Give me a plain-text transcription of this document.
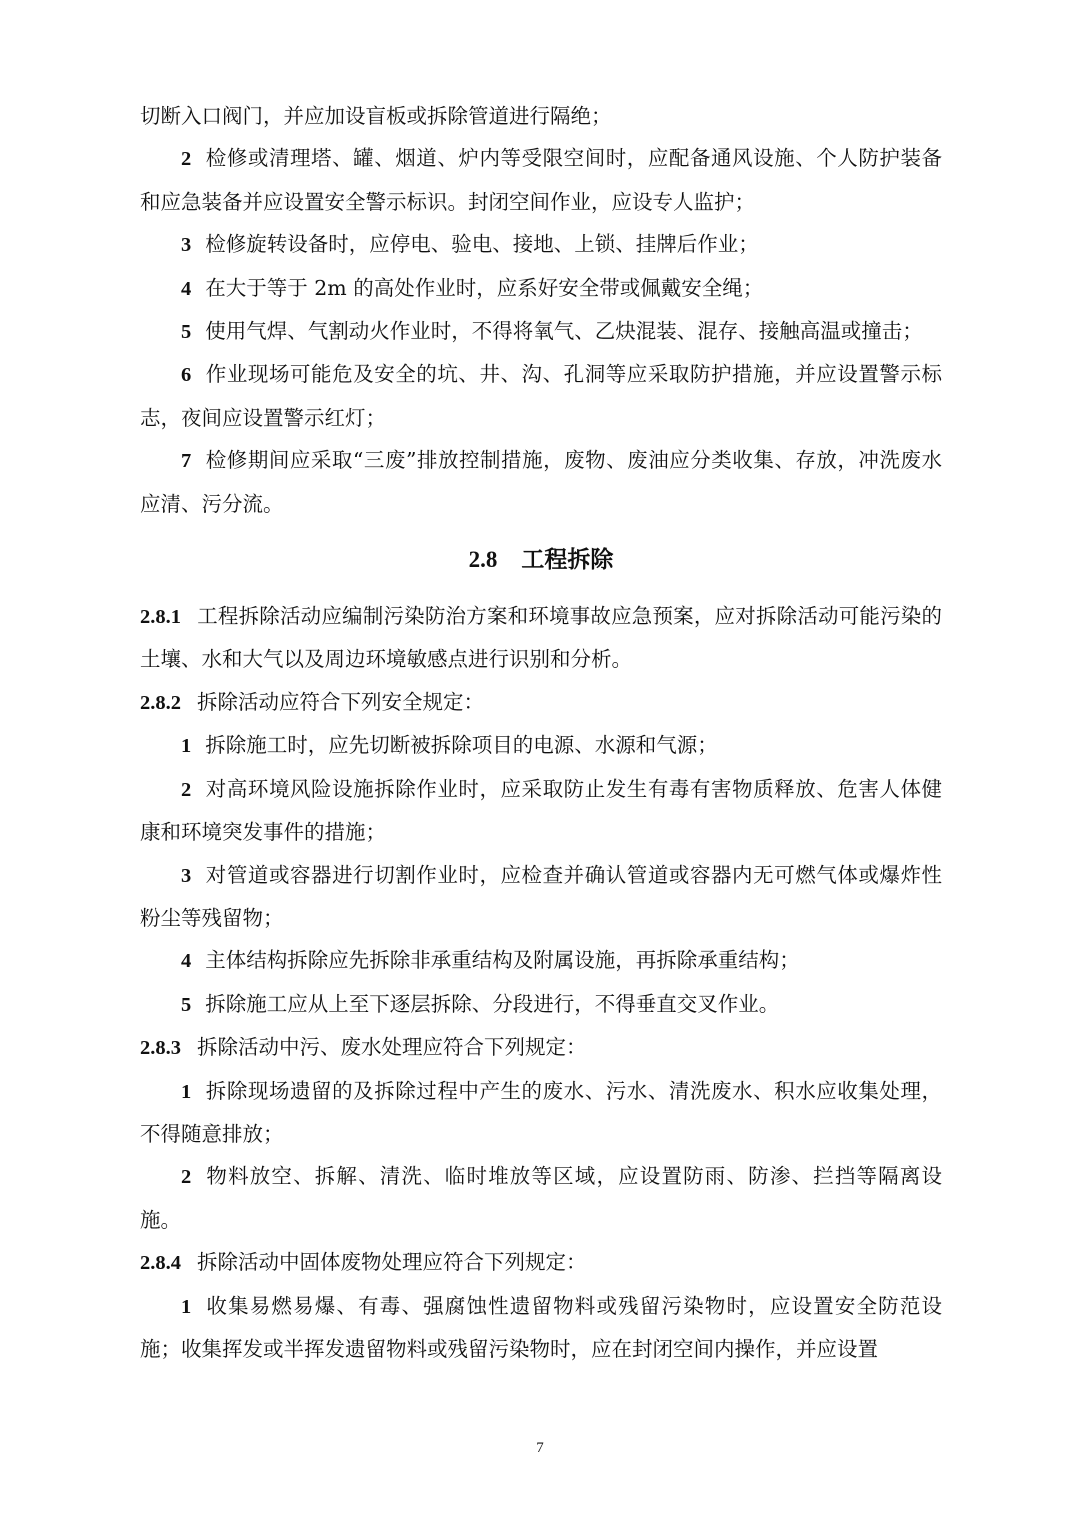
切断入口阀门，并应加设盲板或拆除管道进行隔绝；

2 检修或清理塔、罐、烟道、炉内等受限空间时，应配备通风设施、个人防护装备和应急装备并应设置安全警示标识。封闭空间作业，应设专人监护；

3 检修旋转设备时，应停电、验电、接地、上锁、挂牌后作业；

4 在大于等于 2m 的高处作业时，应系好安全带或佩戴安全绳；

5 使用气焊、气割动火作业时，不得将氧气、乙炔混装、混存、接触高温或撞击；

6 作业现场可能危及安全的坑、井、沟、孔洞等应采取防护措施，并应设置警示标志，夜间应设置警示红灯；

7 检修期间应采取“三废”排放控制措施，废物、废油应分类收集、存放，冲洗废水应清、污分流。

2.8 工程拆除

2.8.1 工程拆除活动应编制污染防治方案和环境事故应急预案，应对拆除活动可能污染的土壤、水和大气以及周边环境敏感点进行识别和分析。

2.8.2 拆除活动应符合下列安全规定：

1 拆除施工时，应先切断被拆除项目的电源、水源和气源；

2 对高环境风险设施拆除作业时，应采取防止发生有毒有害物质释放、危害人体健康和环境突发事件的措施；

3 对管道或容器进行切割作业时，应检查并确认管道或容器内无可燃气体或爆炸性粉尘等残留物；

4 主体结构拆除应先拆除非承重结构及附属设施，再拆除承重结构；

5 拆除施工应从上至下逐层拆除、分段进行，不得垂直交叉作业。

2.8.3 拆除活动中污、废水处理应符合下列规定：

1 拆除现场遗留的及拆除过程中产生的废水、污水、清洗废水、积水应收集处理，不得随意排放；

2 物料放空、拆解、清洗、临时堆放等区域，应设置防雨、防渗、拦挡等隔离设施。

2.8.4 拆除活动中固体废物处理应符合下列规定：

1 收集易燃易爆、有毒、强腐蚀性遗留物料或残留污染物时，应设置安全防范设施；收集挥发或半挥发遗留物料或残留污染物时，应在封闭空间内操作，并应设置

7
